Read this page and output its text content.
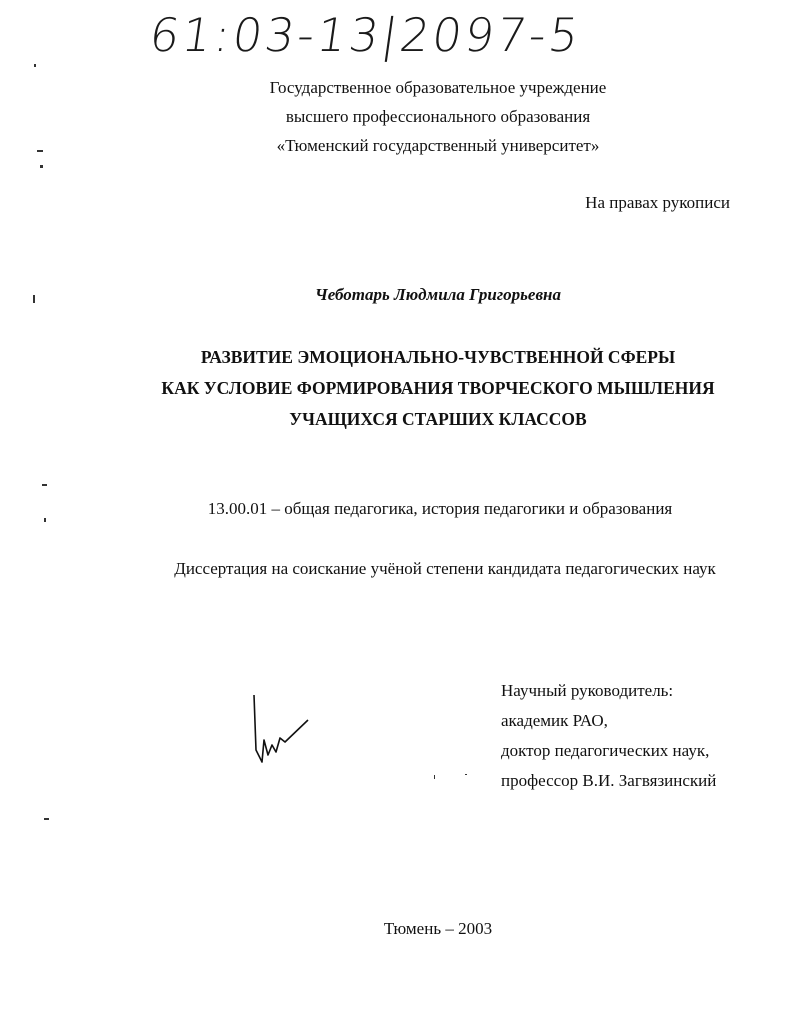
61:03-13|2097-5
Государственное образовательное учреждение
высшего профессионального образования
«Тюменский государственный университет»
На правах рукописи
Чеботарь Людмила Григорьевна
РАЗВИТИЕ ЭМОЦИОНАЛЬНО-ЧУВСТВЕННОЙ СФЕРЫ
КАК УСЛОВИЕ ФОРМИРОВАНИЯ ТВОРЧЕСКОГО МЫШЛЕНИЯ
УЧАЩИХСЯ СТАРШИХ КЛАССОВ
13.00.01 – общая педагогика, история педагогики и образования
Диссертация на соискание учёной степени кандидата педагогических наук
Научный руководитель:
академик РАО,
доктор педагогических наук,
профессор В.И. Загвязинский
Тюмень – 2003
